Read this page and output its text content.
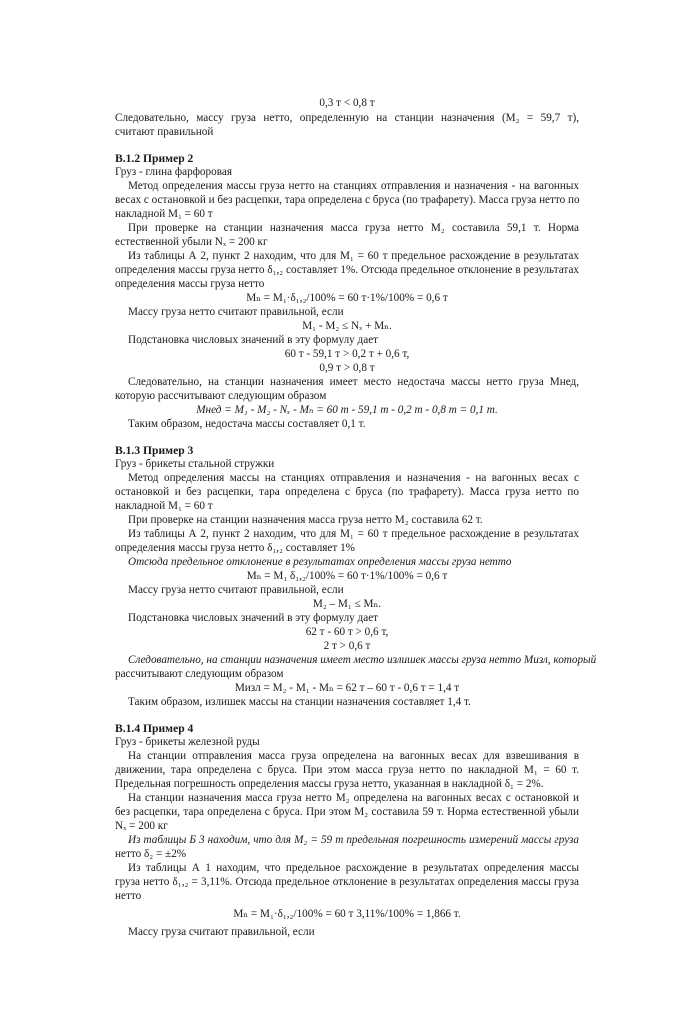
0,3 т < 0,8 т
Следовательно, массу груза нетто, определенную на станции назначения (М₂ = 59,7 т),
считают правильной
В.1.2 Пример 2
Груз - глина фарфоровая
Метод определения массы груза нетто на станциях отправления и назначения - на вагонных
весах с остановкой и без расцепки, тара определена с бруса (по трафарету). Масса груза нетто по
накладной М₁ = 60 т
При проверке на станции назначения масса груза нетто М₂ составила 59,1 т. Норма
естественной убыли Nₓ = 200 кг
Из таблицы А 2, пункт 2 находим, что для М₁ = 60 т предельное расхождение в результатах
определения массы груза нетто δ₁,₂ составляет 1%. Отсюда предельное отклонение в результатах
определения массы груза нетто
Мₙ = М₁·δ₁,₂/100% = 60 т·1%/100% = 0,6 т
Массу груза нетто считают правильной, если
М₁ - М₂ ≤ Nₓ + Мₙ.
Подстановка числовых значений в эту формулу дает
60 т - 59,1 т > 0,2 т + 0,6 т,
0,9 т > 0,8 т
Следовательно, на станции назначения имеет место недостача массы нетто груза Мнед,
которую рассчитывают следующим образом
Мнед = М₁ - М₂ - Nₓ - Мₙ = 60 т - 59,1 т - 0,2 т - 0,8 т = 0,1 т.
Таким образом, недостача массы составляет 0,1 т.
В.1.3 Пример 3
Груз - брикеты стальной стружки
Метод определения массы на станциях отправления и назначения - на вагонных весах с
остановкой и без расцепки, тара определена с бруса (по трафарету). Масса груза нетто по
накладной М₁ = 60 т
При проверке на станции назначения масса груза нетто М₂ составила 62 т.
Из таблицы А 2, пункт 2 находим, что для М₁ = 60 т предельное расхождение в результатах
определения массы груза нетто δ₁,₂ составляет 1%
Отсюда предельное отклонение в результатах определения массы груза нетто
Мₙ = М₁ δ₁,₂/100% = 60 т·1%/100% = 0,6 т
Массу груза нетто считают правильной, если
М₂ – М₁ ≤ Мₙ.
Подстановка числовых значений в эту формулу дает
62 т - 60 т > 0,6 т,
2 т > 0,6 т
Следовательно, на станции назначения имеет место излишек массы груза нетто Мизл, который
рассчитывают следующим образом
Мизл = М₂ - М₁ - Мₙ = 62 т – 60 т - 0,6 т = 1,4 т
Таким образом, излишек массы на станции назначения составляет 1,4 т.
В.1.4 Пример 4
Груз - брикеты железной руды
На станции отправления масса груза определена на вагонных весах для взвешивания в
движении, тара определена с бруса. При этом масса груза нетто по накладной М₁ = 60 т.
Предельная погрешность определения массы груза нетто, указанная в накладной δ₁ = 2%.
На станции назначения масса груза нетто М₂ определена на вагонных весах с остановкой и
без расцепки, тара определена с бруса. При этом М₂ составила 59 т. Норма естественной убыли
Nₓ = 200 кг
Из таблицы Б 3 находим, что для М₂ = 59 т предельная погрешность измерений массы груза
нетто δ₂ = ±2%
Из таблицы А 1 находим, что предельное расхождение в результатах определения массы
груза нетто δ₁,₂ = 3,11%. Отсюда предельное отклонение в результатах определения массы груза
нетто
Мₙ = М₁·δ₁,₂/100% = 60 т 3,11%/100% = 1,866 т.
Массу груза считают правильной, если
